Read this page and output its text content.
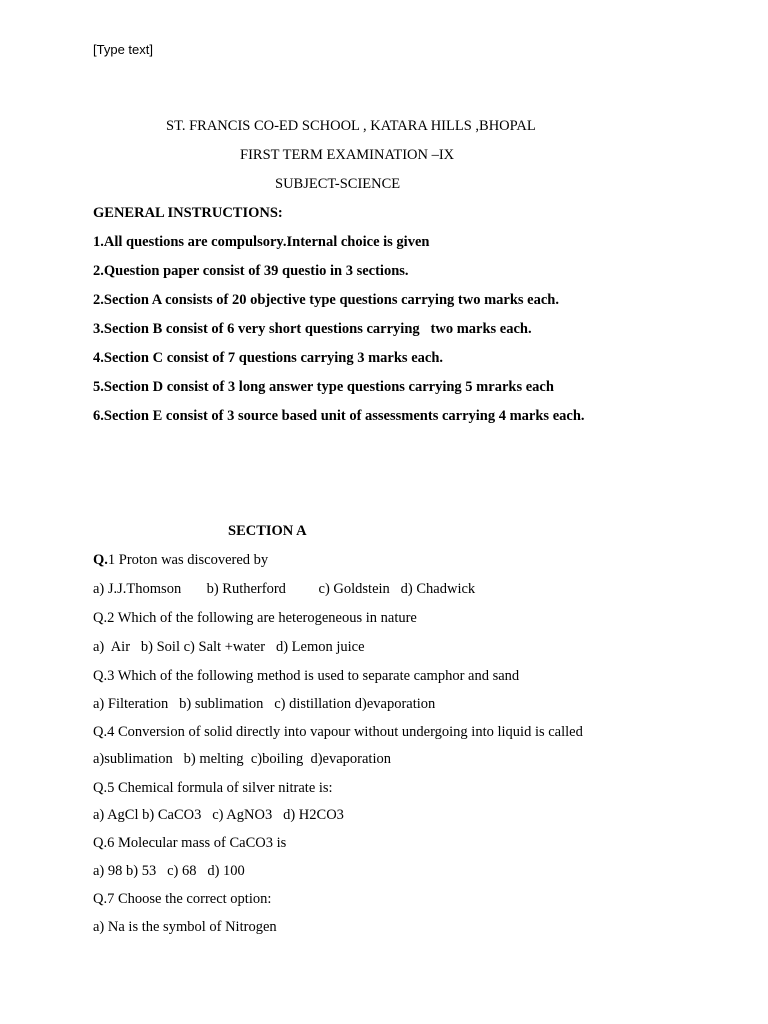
[Type text]
ST. FRANCIS CO-ED SCHOOL , KATARA HILLS ,BHOPAL
FIRST TERM EXAMINATION –IX
SUBJECT-SCIENCE
GENERAL INSTRUCTIONS:
1.All questions are compulsory.Internal choice is given
2.Question paper consist of 39 questio in 3 sections.
2.Section A consists of 20 objective type questions carrying two marks each.
3.Section B consist of 6 very short questions carrying   two marks each.
4.Section C consist of 7 questions carrying 3 marks each.
5.Section D consist of 3 long answer type questions carrying 5 mrarks each
6.Section E consist of 3 source based unit of assessments carrying 4 marks each.
SECTION A
Q.1 Proton was discovered by
a) J.J.Thomson       b) Rutherford         c) Goldstein   d) Chadwick
Q.2 Which of the following are heterogeneous in nature
a)  Air   b) Soil c) Salt +water   d) Lemon juice
Q.3 Which of the following method is used to separate camphor and sand
a) Filteration   b) sublimation   c) distillation d)evaporation
Q.4 Conversion of solid directly into vapour without undergoing into liquid is called
a)sublimation   b) melting  c)boiling  d)evaporation
Q.5 Chemical formula of silver nitrate is:
a) AgCl b) CaCO3   c) AgNO3   d) H2CO3
Q.6 Molecular mass of CaCO3 is
a) 98 b) 53   c) 68   d) 100
Q.7 Choose the correct option:
a) Na is the symbol of Nitrogen
